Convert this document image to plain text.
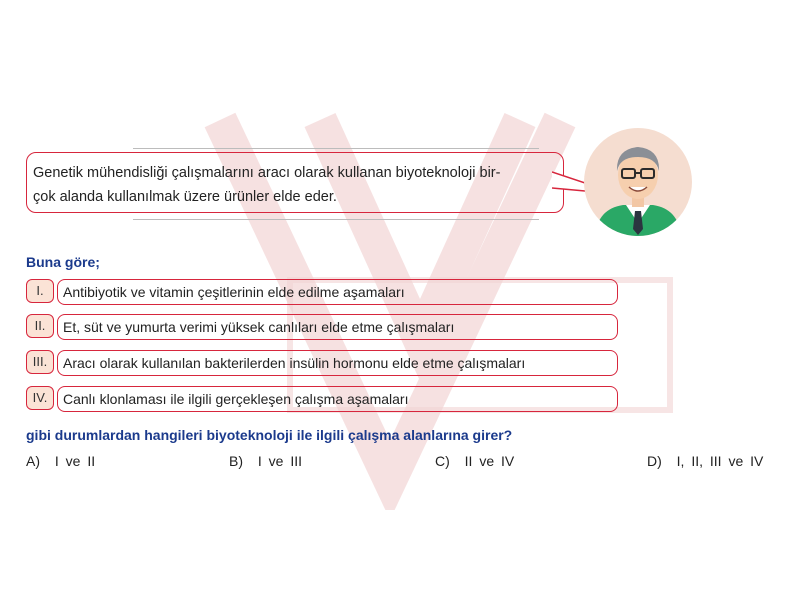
Genetik mühendisliği çalışmalarını aracı olarak kullanan biyoteknoloji bir-
çok alanda kullanılmak üzere ürünler elde eder.
Buna göre;
I.	Antibiyotik ve vitamin çeşitlerinin elde edilme aşamaları
II.	Et, süt ve yumurta verimi yüksek canlıları elde etme çalışmaları
III.	Aracı olarak kullanılan bakterilerden insülin hormonu elde etme çalışmaları
IV.	Canlı klonlaması ile ilgili gerçekleşen çalışma aşamaları
gibi durumlardan hangileri biyoteknoloji ile ilgili çalışma alanlarına girer?
A) I ve II	B) I ve III	C) II ve IV	D) I, II, III ve IV
